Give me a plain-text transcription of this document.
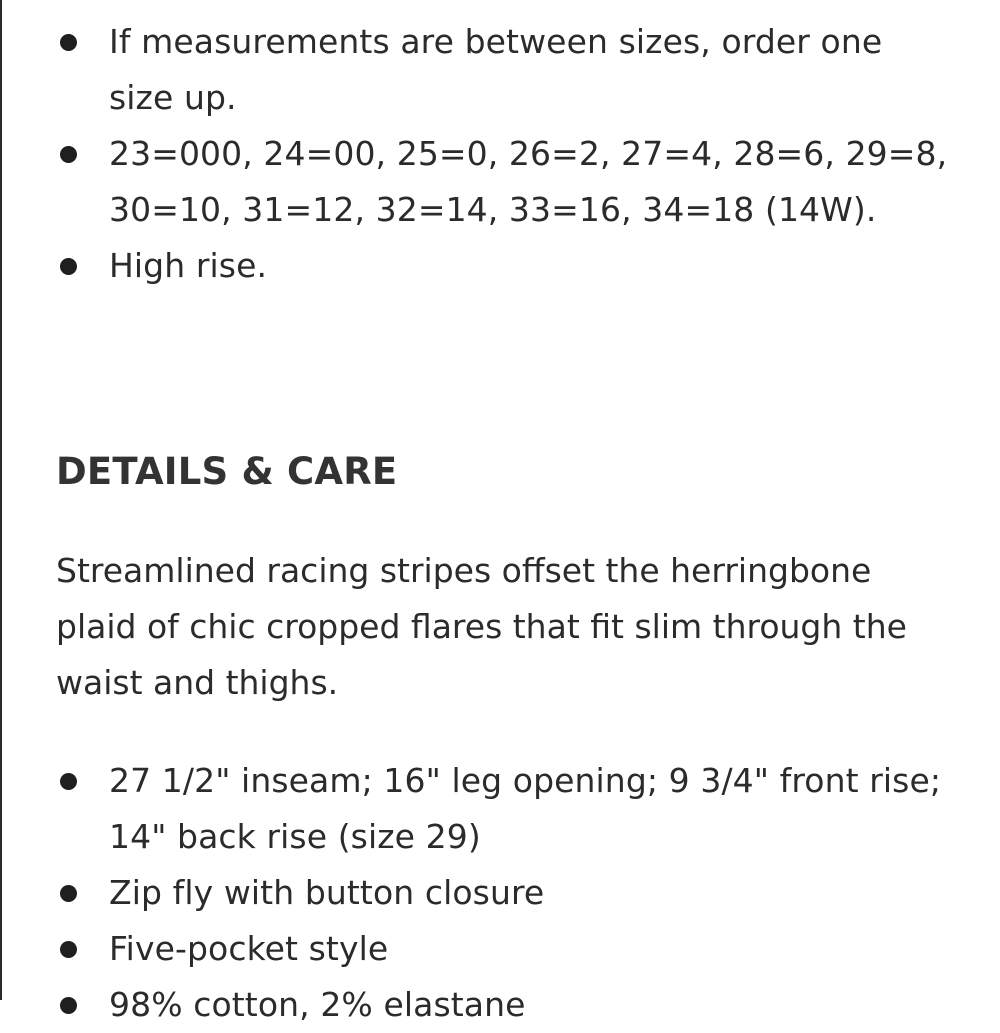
If measurements are between sizes, order one size up.
23=000, 24=00, 25=0, 26=2, 27=4, 28=6, 29=8, 30=10, 31=12, 32=14, 33=16, 34=18 (14W).
High rise.
DETAILS & CARE

Streamlined racing stripes offset the herringbone plaid of chic cropped flares that fit slim through the waist and thighs.

27 1/2" inseam; 16" leg opening; 9 3/4" front rise; 14" back rise (size 29)
Zip fly with button closure
Five-pocket style
98% cotton, 2% elastane
